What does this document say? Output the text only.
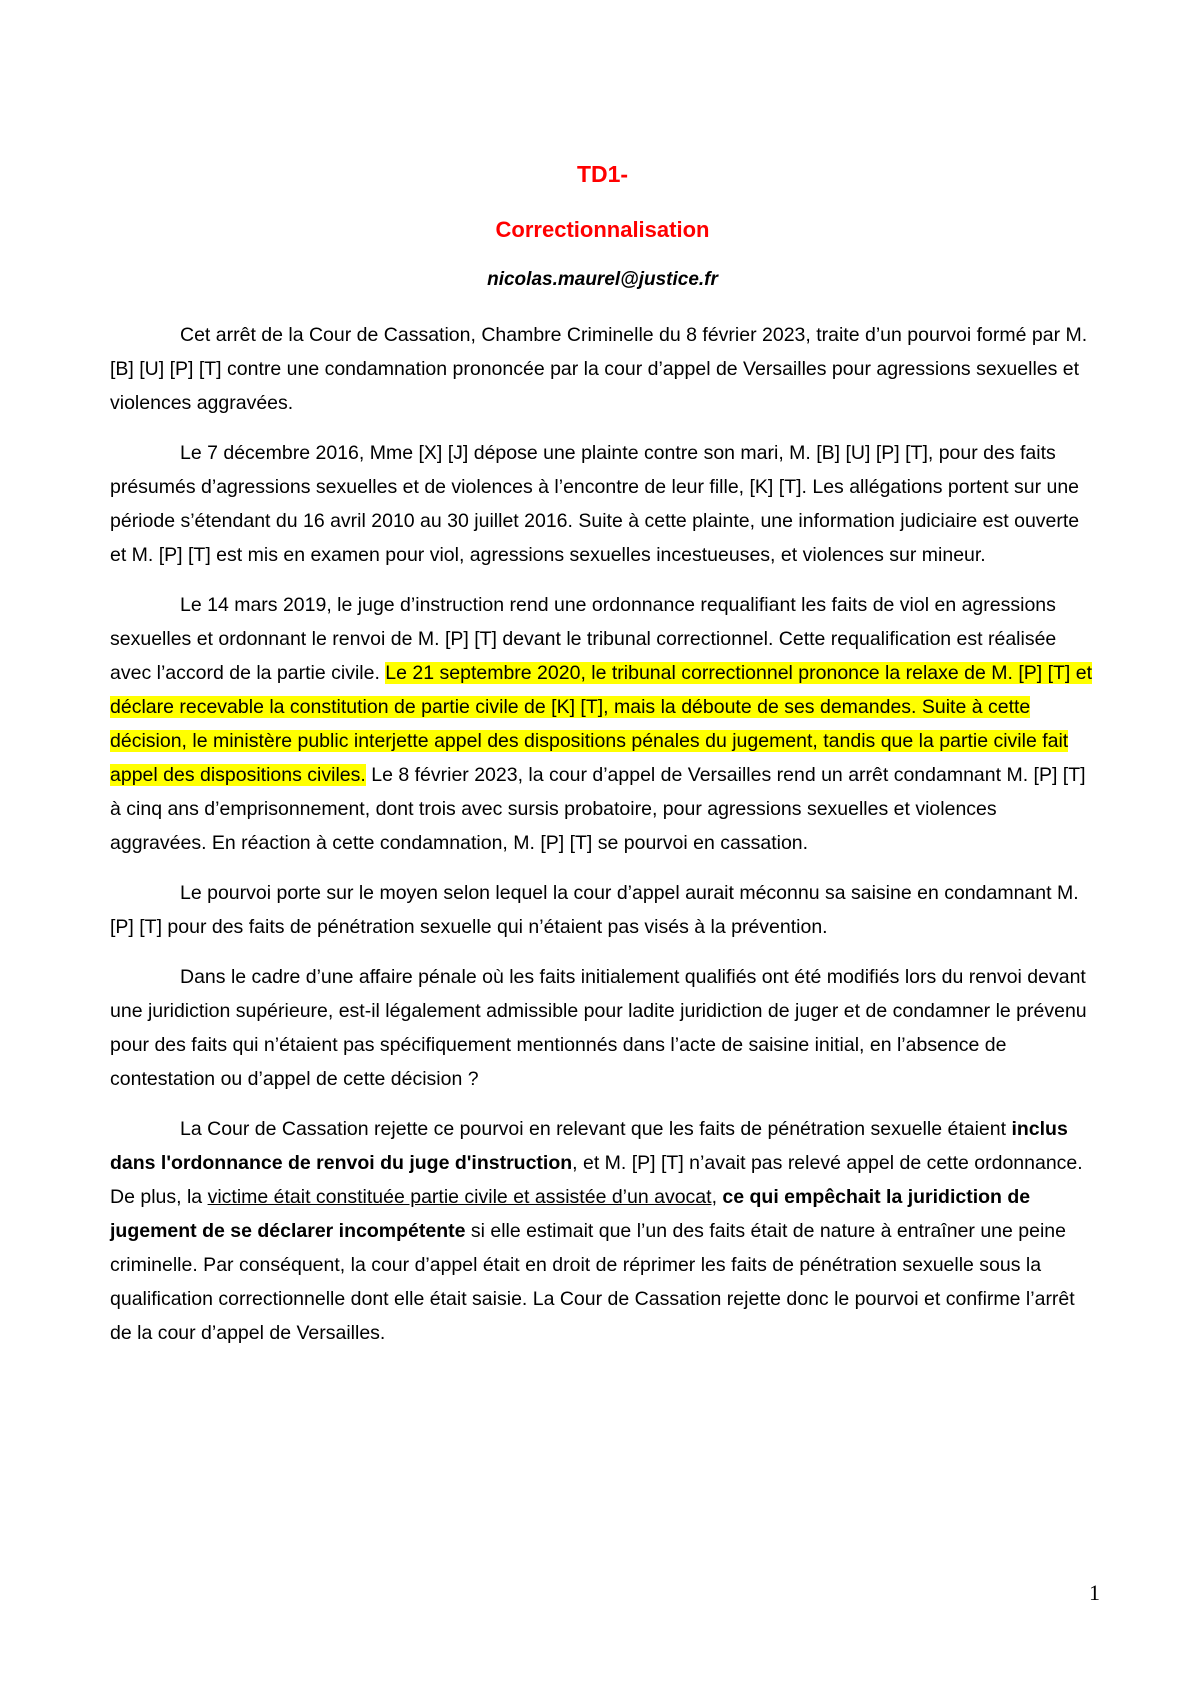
TD1-
Correctionnalisation
nicolas.maurel@justice.fr

Cet arrêt de la Cour de Cassation, Chambre Criminelle du 8 février 2023, traite d’un pourvoi formé par M. [B] [U] [P] [T] contre une condamnation prononcée par la cour d’appel de Versailles pour agressions sexuelles et violences aggravées.

Le 7 décembre 2016, Mme [X] [J] dépose une plainte contre son mari, M. [B] [U] [P] [T], pour des faits présumés d’agressions sexuelles et de violences à l’encontre de leur fille, [K] [T]. Les allégations portent sur une période s’étendant du 16 avril 2010 au 30 juillet 2016. Suite à cette plainte, une information judiciaire est ouverte et M. [P] [T] est mis en examen pour viol, agressions sexuelles incestueuses, et violences sur mineur.

Le 14 mars 2019, le juge d’instruction rend une ordonnance requalifiant les faits de viol en agressions sexuelles et ordonnant le renvoi de M. [P] [T] devant le tribunal correctionnel. Cette requalification est réalisée avec l’accord de la partie civile. Le 21 septembre 2020, le tribunal correctionnel prononce la relaxe de M. [P] [T] et déclare recevable la constitution de partie civile de [K] [T], mais la déboute de ses demandes. Suite à cette décision, le ministère public interjette appel des dispositions pénales du jugement, tandis que la partie civile fait appel des dispositions civiles. Le 8 février 2023, la cour d’appel de Versailles rend un arrêt condamnant M. [P] [T] à cinq ans d’emprisonnement, dont trois avec sursis probatoire, pour agressions sexuelles et violences aggravées. En réaction à cette condamnation, M. [P] [T] se pourvoi en cassation.

Le pourvoi porte sur le moyen selon lequel la cour d’appel aurait méconnu sa saisine en condamnant M. [P] [T] pour des faits de pénétration sexuelle qui n’étaient pas visés à la prévention.

Dans le cadre d’une affaire pénale où les faits initialement qualifiés ont été modifiés lors du renvoi devant une juridiction supérieure, est-il légalement admissible pour ladite juridiction de juger et de condamner le prévenu pour des faits qui n’étaient pas spécifiquement mentionnés dans l’acte de saisine initial, en l’absence de contestation ou d’appel de cette décision ?

La Cour de Cassation rejette ce pourvoi en relevant que les faits de pénétration sexuelle étaient inclus dans l'ordonnance de renvoi du juge d'instruction, et M. [P] [T] n’avait pas relevé appel de cette ordonnance. De plus, la victime était constituée partie civile et assistée d’un avocat, ce qui empêchait la juridiction de jugement de se déclarer incompétente si elle estimait que l’un des faits était de nature à entraîner une peine criminelle. Par conséquent, la cour d’appel était en droit de réprimer les faits de pénétration sexuelle sous la qualification correctionnelle dont elle était saisie. La Cour de Cassation rejette donc le pourvoi et confirme l’arrêt de la cour d’appel de Versailles.

1
